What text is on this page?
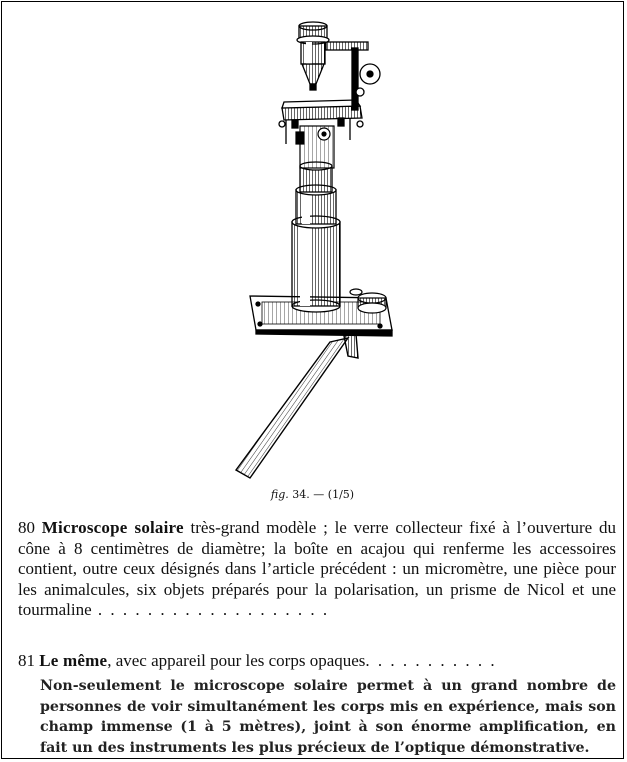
fig. 34. — (1/5)
80 Microscope solaire très-grand modèle ; le verre collecteur fixé à l’ouverture du cône à 8 centimètres de diamètre; la boîte en acajou qui renferme les accessoires contient, outre ceux désignés dans l’article précédent : un micromètre, une pièce pour les animalcules, six objets préparés pour la polarisation, un prisme de Nicol et une tourmaline . . . . . . . . . . . . . . . . . . .
81 Le même, avec appareil pour les corps opaques. . . . . . . . . . .
Non-seulement le microscope solaire permet à un grand nombre de personnes de voir simultanément les corps mis en expérience, mais son champ immense (1 à 5 mètres), joint à son énorme amplification, en fait un des instruments les plus précieux de l’optique démonstrative.
